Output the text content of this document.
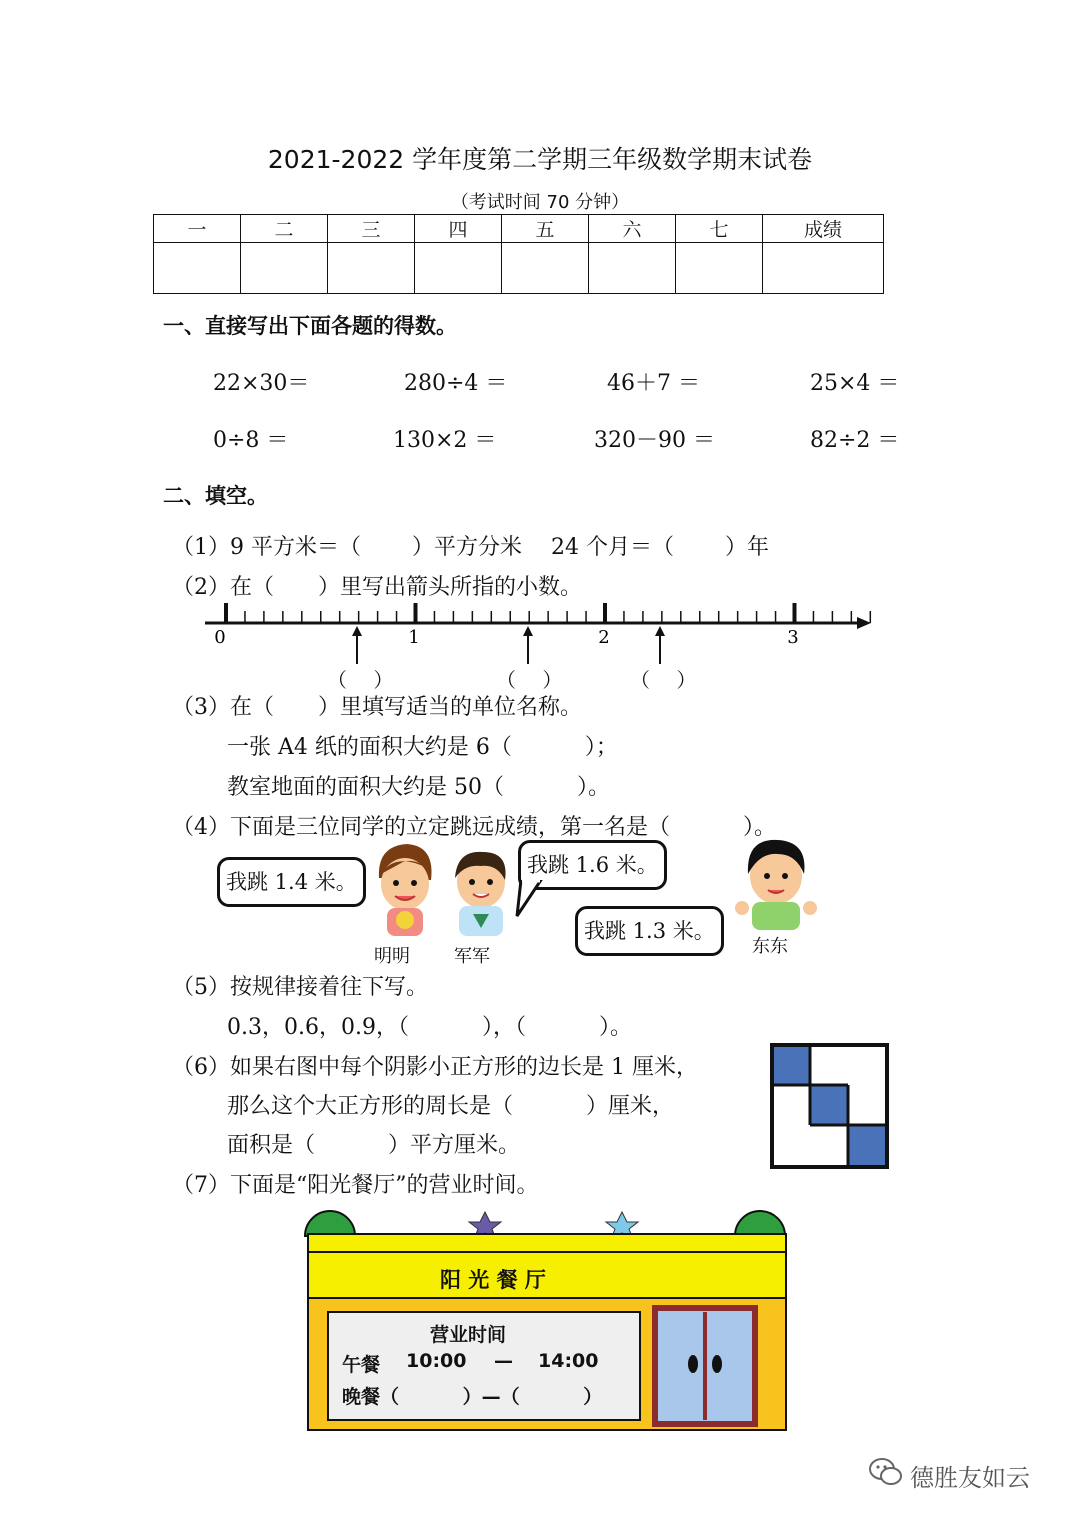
2021-2022 学年度第二学期三年级数学期末试卷
（考试时间 70 分钟）
一	二	三	四	五	六	七	成绩

一、直接写出下面各题的得数。
22×30＝	280÷4 ＝	46＋7 ＝	25×4 ＝
0÷8 ＝	130×2 ＝	320－90 ＝	82÷2 ＝
二、填空。
（1）9 平方米＝（　　 ）平方分米　 24 个月＝（　　 ）年
（2）在（　　）里写出箭头所指的小数。
0	1	2	3
（　 ）	（　 ）	（　 ）
（3）在（　　）里填写适当的单位名称。
一张 A4 纸的面积大约是 6（　　　 ）；
教室地面的面积大约是 50（　　　 ）。
（4）下面是三位同学的立定跳远成绩，第一名是（　　　 ）。
我跳 1.4 米。
我跳 1.6 米。
我跳 1.3 米。
明明 军军	东东
（5）按规律接着往下写。
0.3，0.6，0.9，（　　　 ），（　　　 ）。
（6）如果右图中每个阴影小正方形的边长是 1 厘米，
那么这个大正方形的周长是（　　　 ）厘米，
面积是（　　　 ）平方厘米。
（7）下面是“阳光餐厅”的营业时间。
阳 光 餐 厅
营业时间
午餐 10:00 — 14:00
晚餐（　　　 ）—（　　　 ）
德胜友如云
